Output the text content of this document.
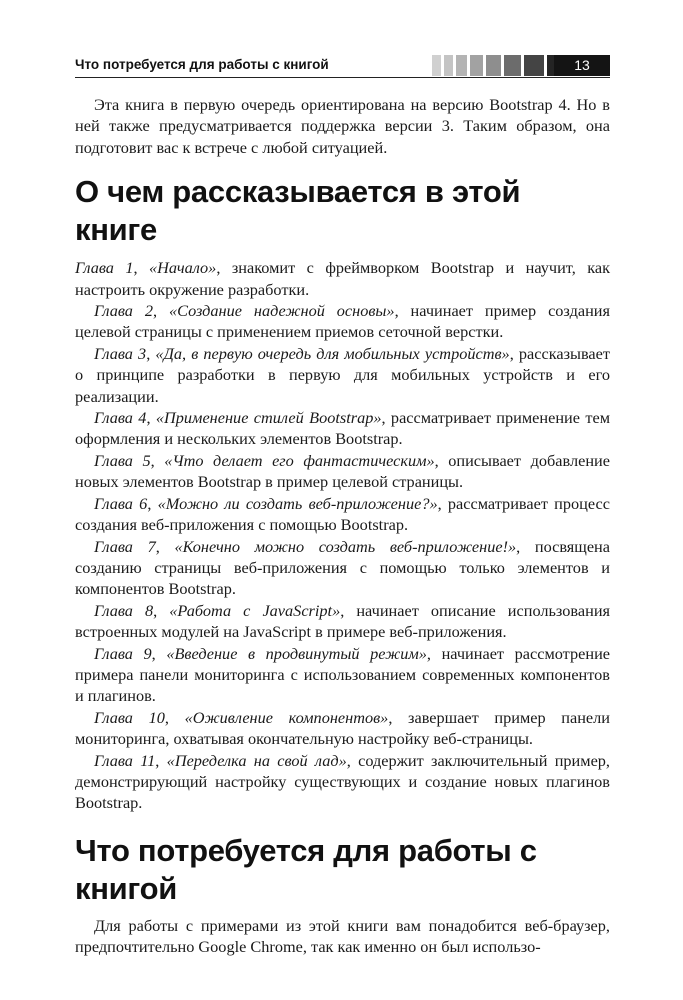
Что потребуется для работы с книгой	13

Эта книга в первую очередь ориентирована на версию Bootstrap 4. Но в ней также предусматривается поддержка версии 3. Таким образом, она подготовит вас к встрече с любой ситуацией.

О чем рассказывается в этой книге

Глава 1, «Начало», знакомит с фреймворком Bootstrap и научит, как настроить окружение разработки.

Глава 2, «Создание надежной основы», начинает пример создания целевой страницы с применением приемов сеточной верстки.

Глава 3, «Да, в первую очередь для мобильных устройств», рассказывает о принципе разработки в первую для мобильных устройств и его реализации.

Глава 4, «Применение стилей Bootstrap», рассматривает применение тем оформления и нескольких элементов Bootstrap.

Глава 5, «Что делает его фантастическим», описывает добавление новых элементов Bootstrap в пример целевой страницы.

Глава 6, «Можно ли создать веб-приложение?», рассматривает процесс создания веб-приложения с помощью Bootstrap.

Глава 7, «Конечно можно создать веб-приложение!», посвящена созданию страницы веб-приложения с помощью только элементов и компонентов Bootstrap.

Глава 8, «Работа с JavaScript», начинает описание использования встроенных модулей на JavaScript в примере веб-приложения.

Глава 9, «Введение в продвинутый режим», начинает рассмотрение примера панели мониторинга с использованием современных компонентов и плагинов.

Глава 10, «Оживление компонентов», завершает пример панели мониторинга, охватывая окончательную настройку веб-страницы.

Глава 11, «Переделка на свой лад», содержит заключительный пример, демонстрирующий настройку существующих и создание новых плагинов Bootstrap.

Что потребуется для работы с книгой

Для работы с примерами из этой книги вам понадобится веб-браузер, предпочтительно Google Chrome, так как именно он был использо-
